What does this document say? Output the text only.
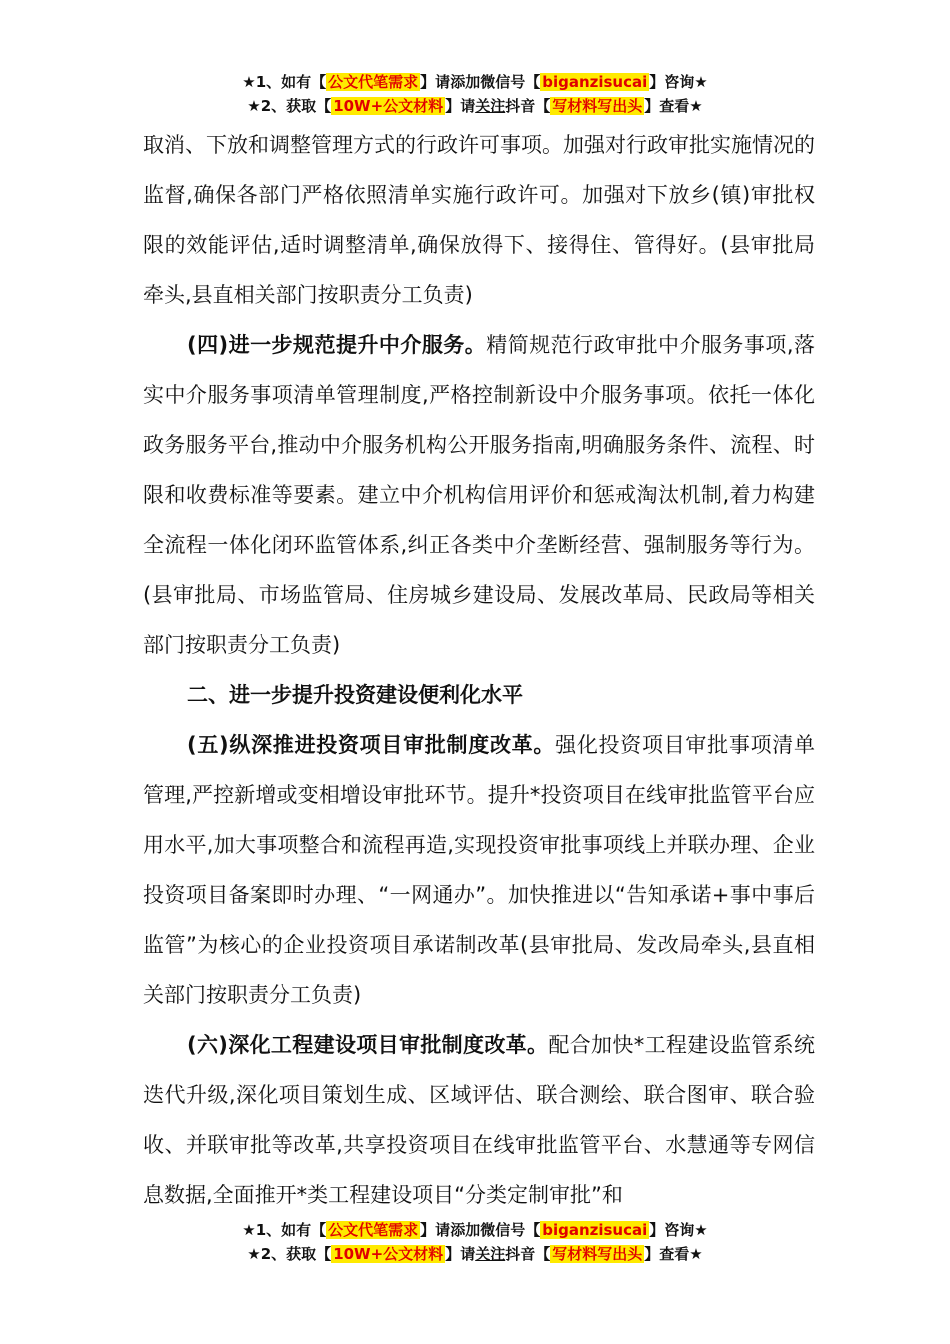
★1、如有【 公文代笔需求 】请添加微信号【 biganzisucai 】咨询★
★2、获取【 10W+公文材料 】请关注抖音【 写材料写出头 】查看★

取消、下放和调整管理方式的行政许可事项。加强对行政审批实施情况的监督,确保各部门严格依照清单实施行政许可。加强对下放乡(镇)审批权限的效能评估,适时调整清单,确保放得下、接得住、管得好。(县审批局牵头,县直相关部门按职责分工负责)

(四)进一步规范提升中介服务。精简规范行政审批中介服务事项,落实中介服务事项清单管理制度,严格控制新设中介服务事项。依托一体化政务服务平台,推动中介服务机构公开服务指南,明确服务条件、流程、时限和收费标准等要素。建立中介机构信用评价和惩戒淘汰机制,着力构建全流程一体化闭环监管体系,纠正各类中介垄断经营、强制服务等行为。(县审批局、市场监管局、住房城乡建设局、发展改革局、民政局等相关部门按职责分工负责)

二、进一步提升投资建设便利化水平

(五)纵深推进投资项目审批制度改革。强化投资项目审批事项清单管理,严控新增或变相增设审批环节。提升*投资项目在线审批监管平台应用水平,加大事项整合和流程再造,实现投资审批事项线上并联办理、企业投资项目备案即时办理、“一网通办”。加快推进以“告知承诺+事中事后监管”为核心的企业投资项目承诺制改革(县审批局、发改局牵头,县直相关部门按职责分工负责)

(六)深化工程建设项目审批制度改革。配合加快*工程建设监管系统迭代升级,深化项目策划生成、区域评估、联合测绘、联合图审、联合验收、并联审批等改革,共享投资项目在线审批监管平台、水慧通等专网信息数据,全面推开*类工程建设项目“分类定制审批”和

★1、如有【 公文代笔需求 】请添加微信号【 biganzisucai 】咨询★
★2、获取【 10W+公文材料 】请关注抖音【 写材料写出头 】查看★
